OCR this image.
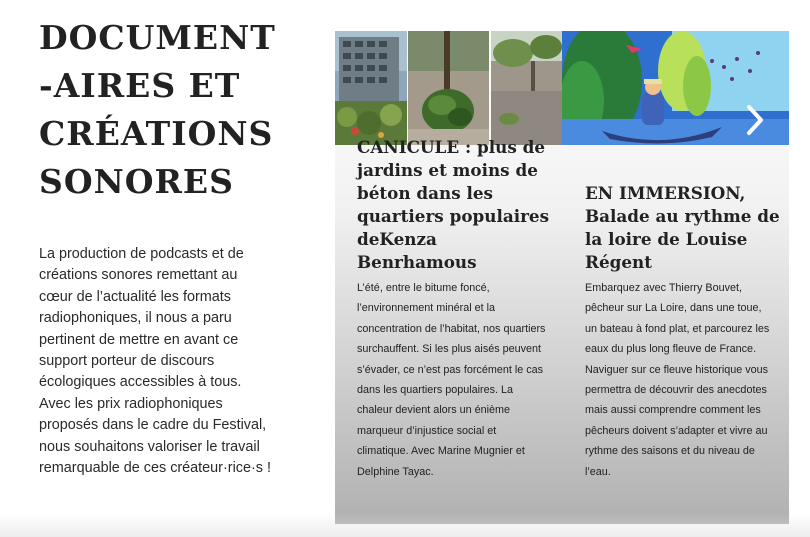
DOCUMENT
-AIRES ET
CRÉATIONS
SONORES

La production de podcasts et de créations sonores remettant au cœur de l’actualité les formats radiophoniques, il nous a paru pertinent de mettre en avant ce support porteur de discours écologiques accessibles à tous. Avec les prix radiophoniques proposés dans le cadre du Festival, nous souhaitons valoriser le travail remarquable de ces créateur·rice·s !

CANICULE : plus de jardins et moins de béton dans les quartiers populaires deKenza Benrhamous

L’été, entre le bitume foncé, l’environnement minéral et la concentration de l’habitat, nos quartiers surchauffent. Si les plus aisés peuvent s’évader, ce n’est pas forcément le cas dans les quartiers populaires. La chaleur devient alors un énième marqueur d’injustice social et climatique. Avec Marine Mugnier et Delphine Tayac.

EN IMMERSION, Balade au rythme de la loire de Louise Régent

Embarquez avec Thierry Bouvet, pêcheur sur La Loire, dans une toue, un bateau à fond plat, et parcourez les eaux du plus long fleuve de France. Naviguer sur ce fleuve historique vous permettra de découvrir des anecdotes mais aussi comprendre comment les pêcheurs doivent s’adapter et vivre au rythme des saisons et du niveau de l’eau.
